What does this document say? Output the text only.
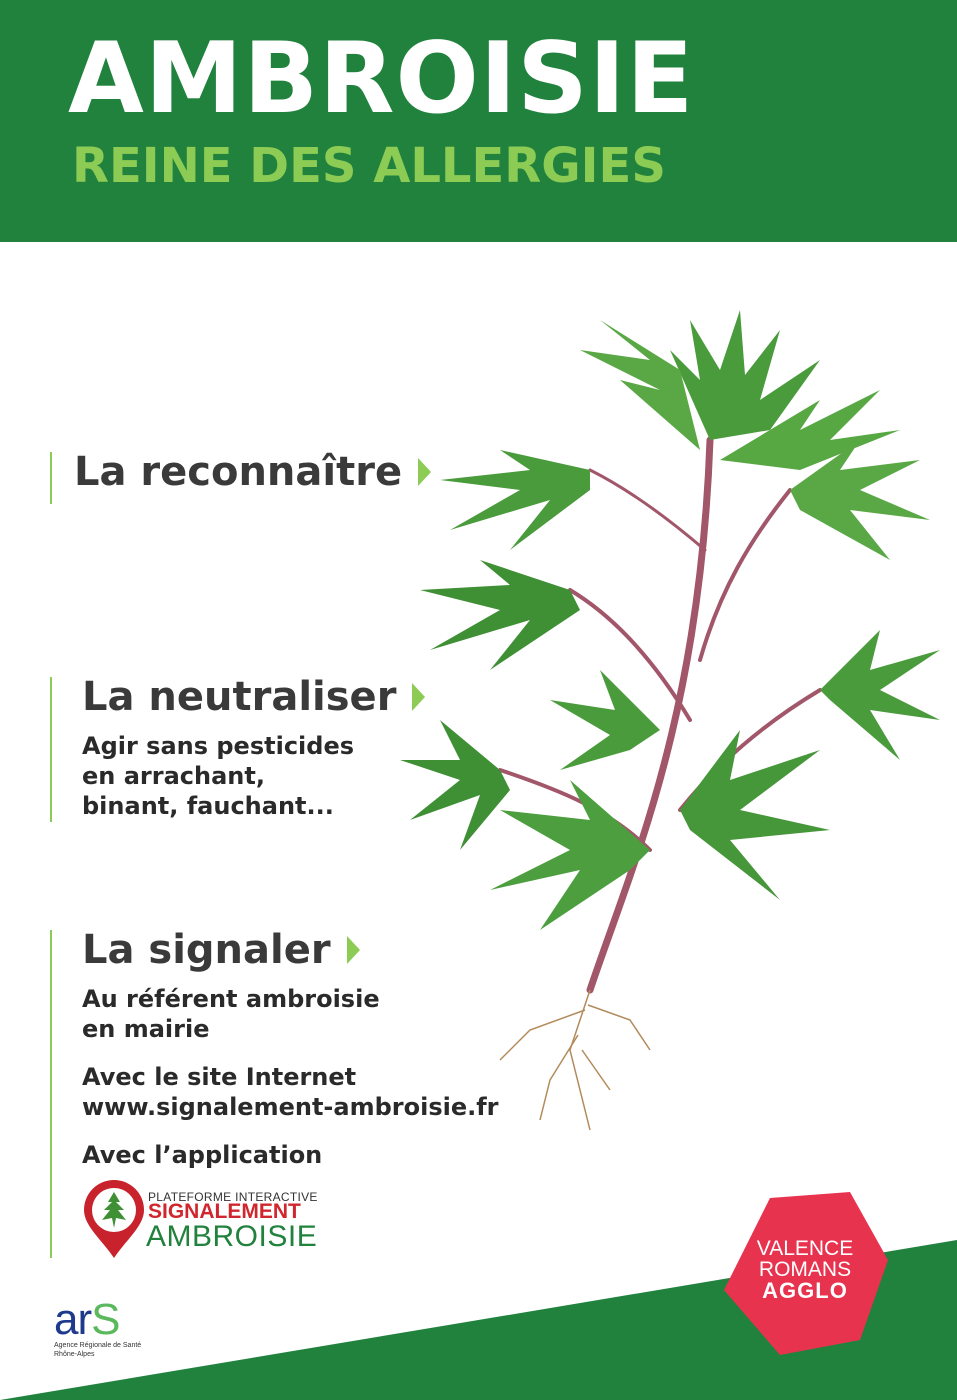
AMBROISIE
REINE DES ALLERGIES
La reconnaître
La neutraliser

Agir sans pesticides
en arrachant,
binant, fauchant...

La signaler

Au référent ambroisie
en mairie

Avec le site Internet
www.signalement-ambroisie.fr

Avec l’application

PLATEFORME INTERACTIVE
SIGNALEMENT
AMBROISIE
arS
Agence Régionale de Santé
Rhône-Alpes
VALENCE
ROMANS
AGGLO
